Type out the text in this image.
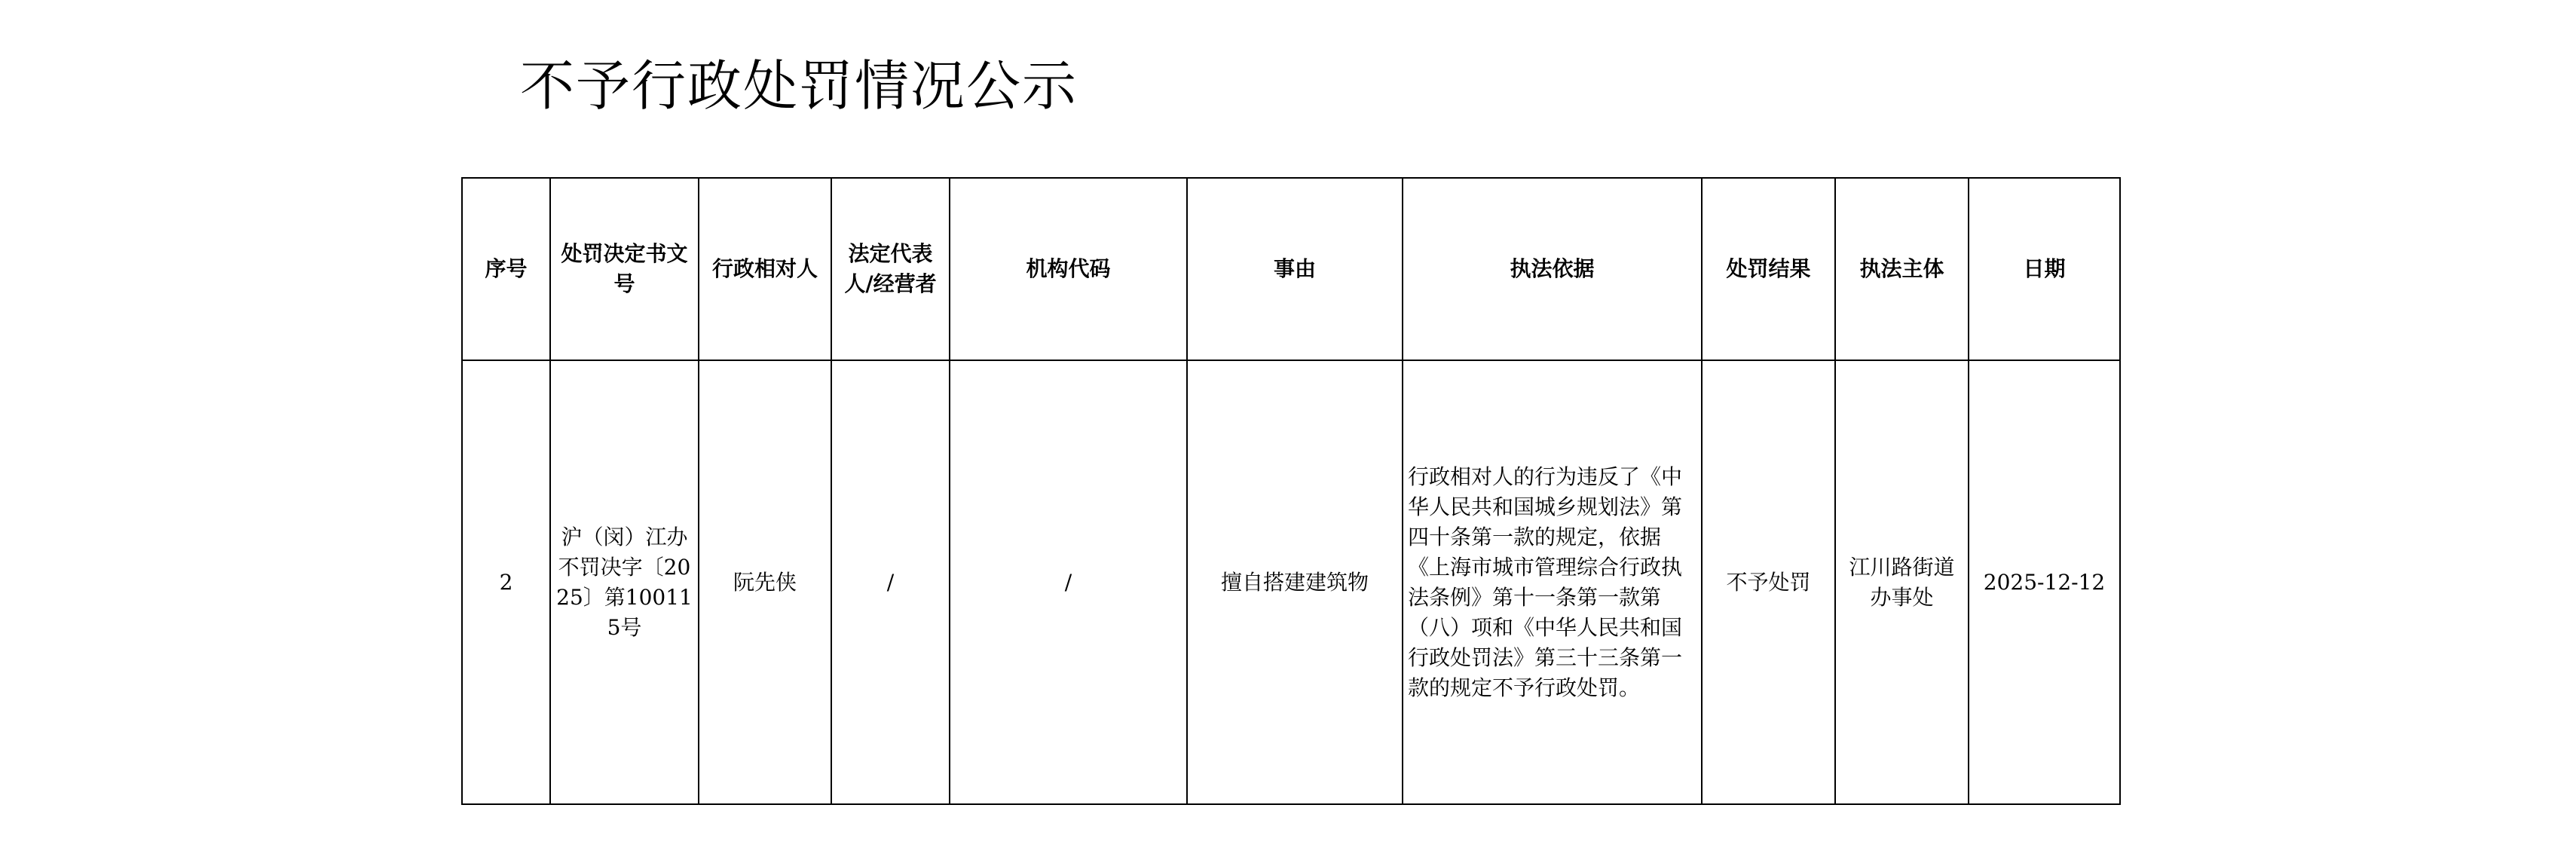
不予行政处罚情况公示
序号	处罚决定书文号	行政相对人	法定代表人/经营者	机构代码	事由	执法依据	处罚结果	执法主体	日期
2	沪（闵）江办不罚决字〔2025〕第100115号	阮先侠	/	/	擅自搭建建筑物	行政相对人的行为违反了《中华人民共和国城乡规划法》第四十条第一款的规定，依据《上海市城市管理综合行政执法条例》第十一条第一款第（八）项和《中华人民共和国行政处罚法》第三十三条第一款的规定不予行政处罚。	不予处罚	江川路街道办事处	2025-12-12
